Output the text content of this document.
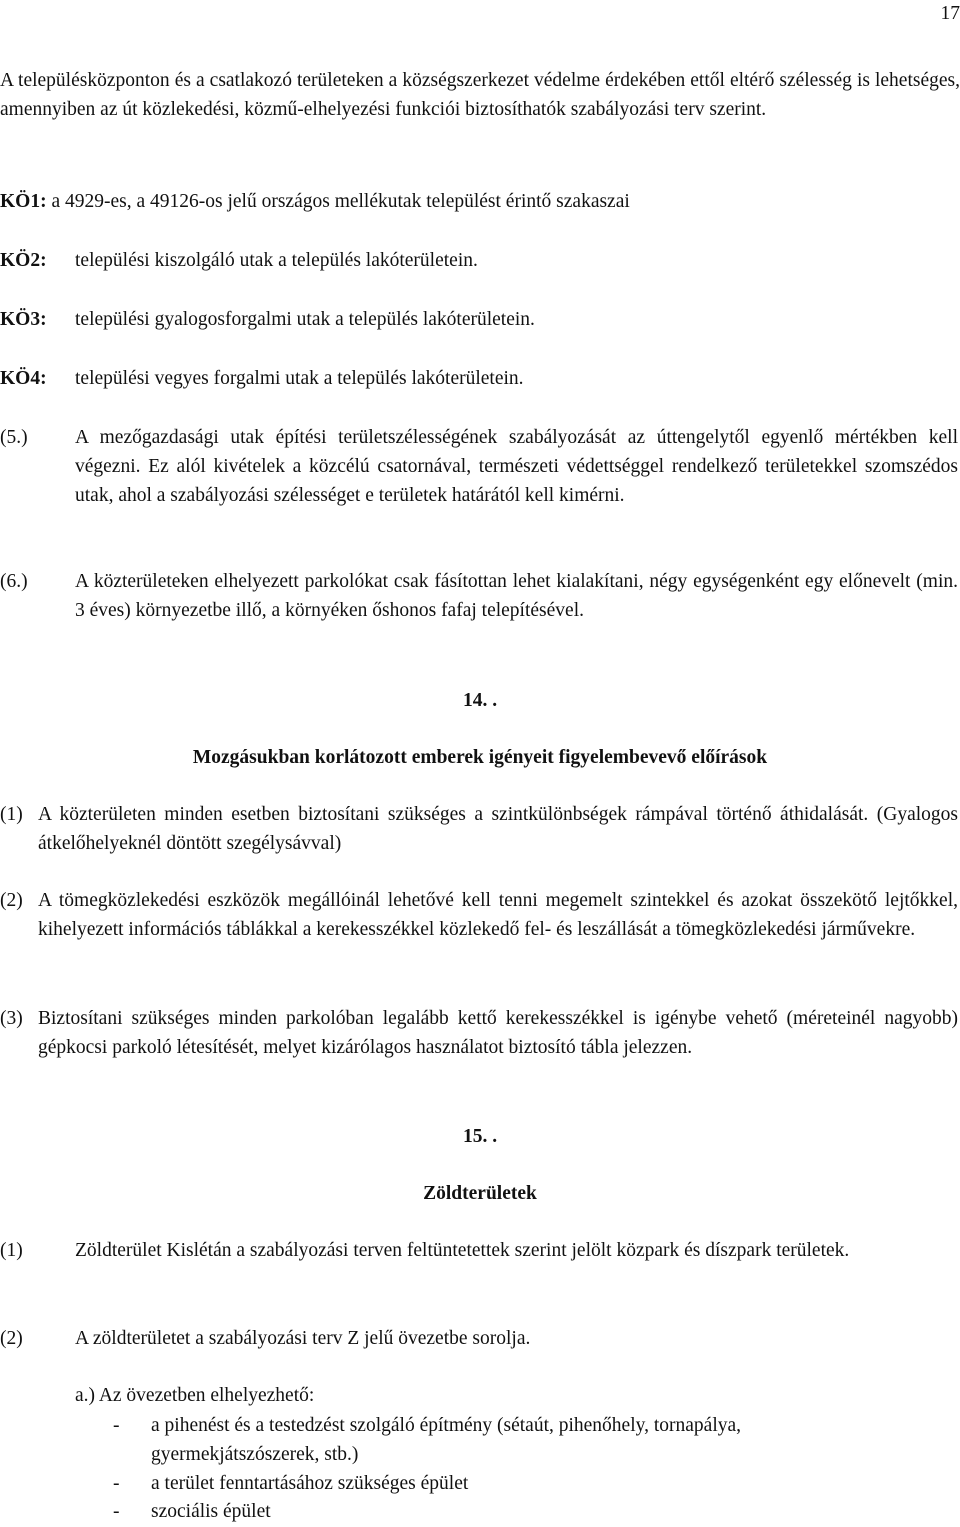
17

A településközponton és a csatlakozó területeken a községszerkezet védelme érdekében ettől eltérő szélesség is lehetséges, amennyiben az út közlekedési, közmű-elhelyezési funkciói biztosíthatók szabályozási terv szerint.

KÖ1: a 4929-es, a 49126-os jelű országos mellékutak települést érintő szakaszai
KÖ2: települési kiszolgáló utak a település lakóterületein.
KÖ3: települési gyalogosforgalmi utak a település lakóterületein.
KÖ4: települési vegyes forgalmi utak a település lakóterületein.
(5.) A mezőgazdasági utak építési területszélességének szabályozását az úttengelytől egyenlő mértékben kell végezni. Ez alól kivételek a közcélú csatornával, természeti védettséggel rendelkező területekkel szomszédos utak, ahol a szabályozási szélességet e területek határától kell kimérni.
(6.) A közterületeken elhelyezett parkolókat csak fásítottan lehet kialakítani, négy egységenként egy előnevelt (min. 3 éves) környezetbe illő, a környéken őshonos fafaj telepítésével.
14. .
Mozgásukban korlátozott emberek igényeit figyelembevevő előírások
(1) A közterületen minden esetben biztosítani szükséges a szintkülönbségek rámpával történő áthidalását. (Gyalogos átkelőhelyeknél döntött szegélysávval)
(2) A tömegközlekedési eszközök megállóinál lehetővé kell tenni megemelt szintekkel és azokat összekötő lejtőkkel, kihelyezett információs táblákkal a kerekesszékkel közlekedő fel- és leszállását a tömegközlekedési járművekre.
(3) Biztosítani szükséges minden parkolóban legalább kettő kerekesszékkel is igénybe vehető (méreteinél nagyobb) gépkocsi parkoló létesítését, melyet kizárólagos használatot biztosító tábla jelezzen.
15. .
Zöldterületek
(1)	Zöldterület Kislétán a szabályozási terven feltüntetettek szerint jelölt közpark és díszpark területek.
(2)	A zöldterületet a szabályozási terv Z jelű övezetbe sorolja.
a.) Az övezetben elhelyezhető:
- a pihenést és a testedzést szolgáló építmény (sétaút, pihenőhely, tornapálya, gyermekjátszószerek, stb.)
- a terület fenntartásához szükséges épület
- szociális épület
